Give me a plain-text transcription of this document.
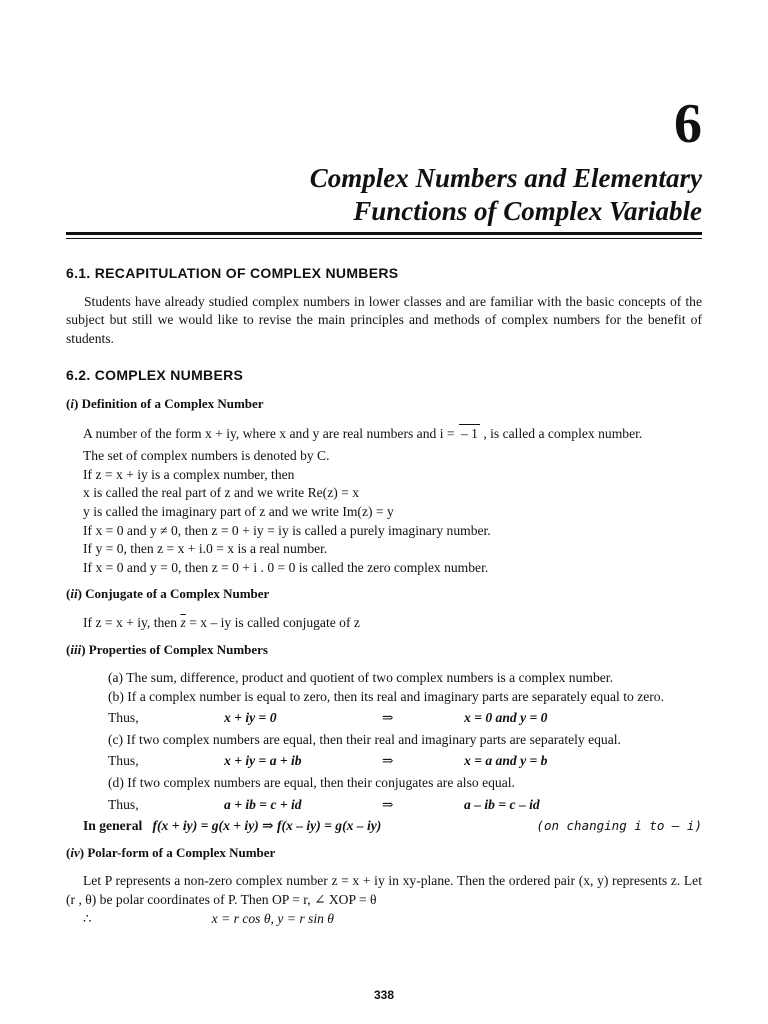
6
Complex Numbers and Elementary
Functions of Complex Variable
6.1. RECAPITULATION OF COMPLEX NUMBERS

Students have already studied complex numbers in lower classes and are familiar with the basic concepts of the subject but still we would like to revise the main principles and methods of complex numbers for the benefit of students.

6.2. COMPLEX NUMBERS
(i) Definition of a Complex Number

A number of the form x + iy, where x and y are real numbers and i = – 1 , is called a complex number.

The set of complex numbers is denoted by C.

If z = x + iy is a complex number, then

x is called the real part of z and we write Re(z) = x

y is called the imaginary part of z and we write Im(z) = y

If x = 0 and y ≠ 0, then z = 0 + iy = iy is called a purely imaginary number.

If y = 0, then z = x + i.0 = x is a real number.

If x = 0 and y = 0, then z = 0 + i . 0 = 0 is called the zero complex number.

(ii) Conjugate of a Complex Number

If z = x + iy, then $\overline{z} = x$ – iy is called conjugate of z

(iii) Properties of Complex Numbers

(a) The sum, difference, product and quotient of two complex numbers is a complex number.

(b) If a complex number is equal to zero, then its real and imaginary parts are separately equal to zero.

Thus,	x + iy = 0	⇒	x = 0 and y = 0

(c) If two complex numbers are equal, then their real and imaginary parts are separately equal.

Thus,	x + iy = a + ib	⇒	x = a and y = b

(d) If two complex numbers are equal, then their conjugates are also equal.

Thus,	a + ib = c + id	⇒	a – ib = c – id
In general f(x + iy) = g(x + iy) ⇒ f(x – iy) = g(x – iy)	(on changing i to – i)
(iv) Polar-form of a Complex Number

Let P represents a non-zero complex number z = x + iy in xy-plane. Then the ordered pair (x, y) represents z. Let (r , θ) be polar coordinates of P. Then OP = r, ∠ XOP = θ

∴	x = r cos θ, y = r sin θ

338
